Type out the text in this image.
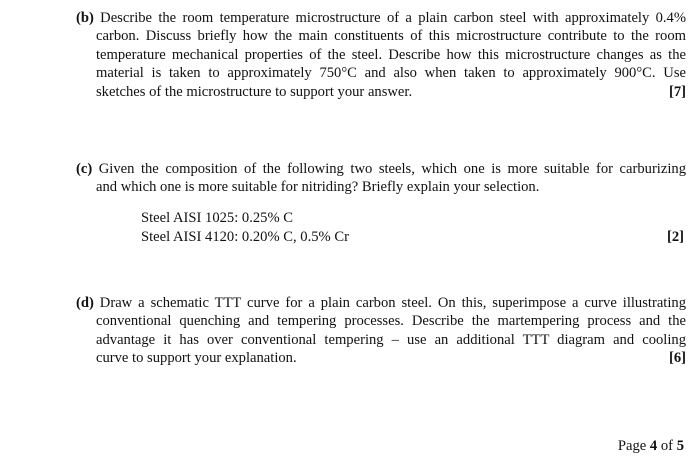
(b) Describe the room temperature microstructure of a plain carbon steel with approximately 0.4%
carbon. Discuss briefly how the main constituents of this microstructure contribute to the room
temperature mechanical properties of the steel. Describe how this microstructure changes as the
material is taken to approximately 750°C and also when taken to approximately 900°C. Use
sketches of the microstructure to support your answer.	[7]
(c) Given the composition of the following two steels, which one is more suitable for carburizing
and which one is more suitable for nitriding? Briefly explain your selection.
Steel AISI 1025: 0.25% C
Steel AISI 4120: 0.20% C, 0.5% Cr	[2]
(d) Draw a schematic TTT curve for a plain carbon steel. On this, superimpose a curve illustrating
conventional quenching and tempering processes. Describe the martempering process and the
advantage it has over conventional tempering – use an additional TTT diagram and cooling
curve to support your explanation.	[6]
Page 4 of 5
